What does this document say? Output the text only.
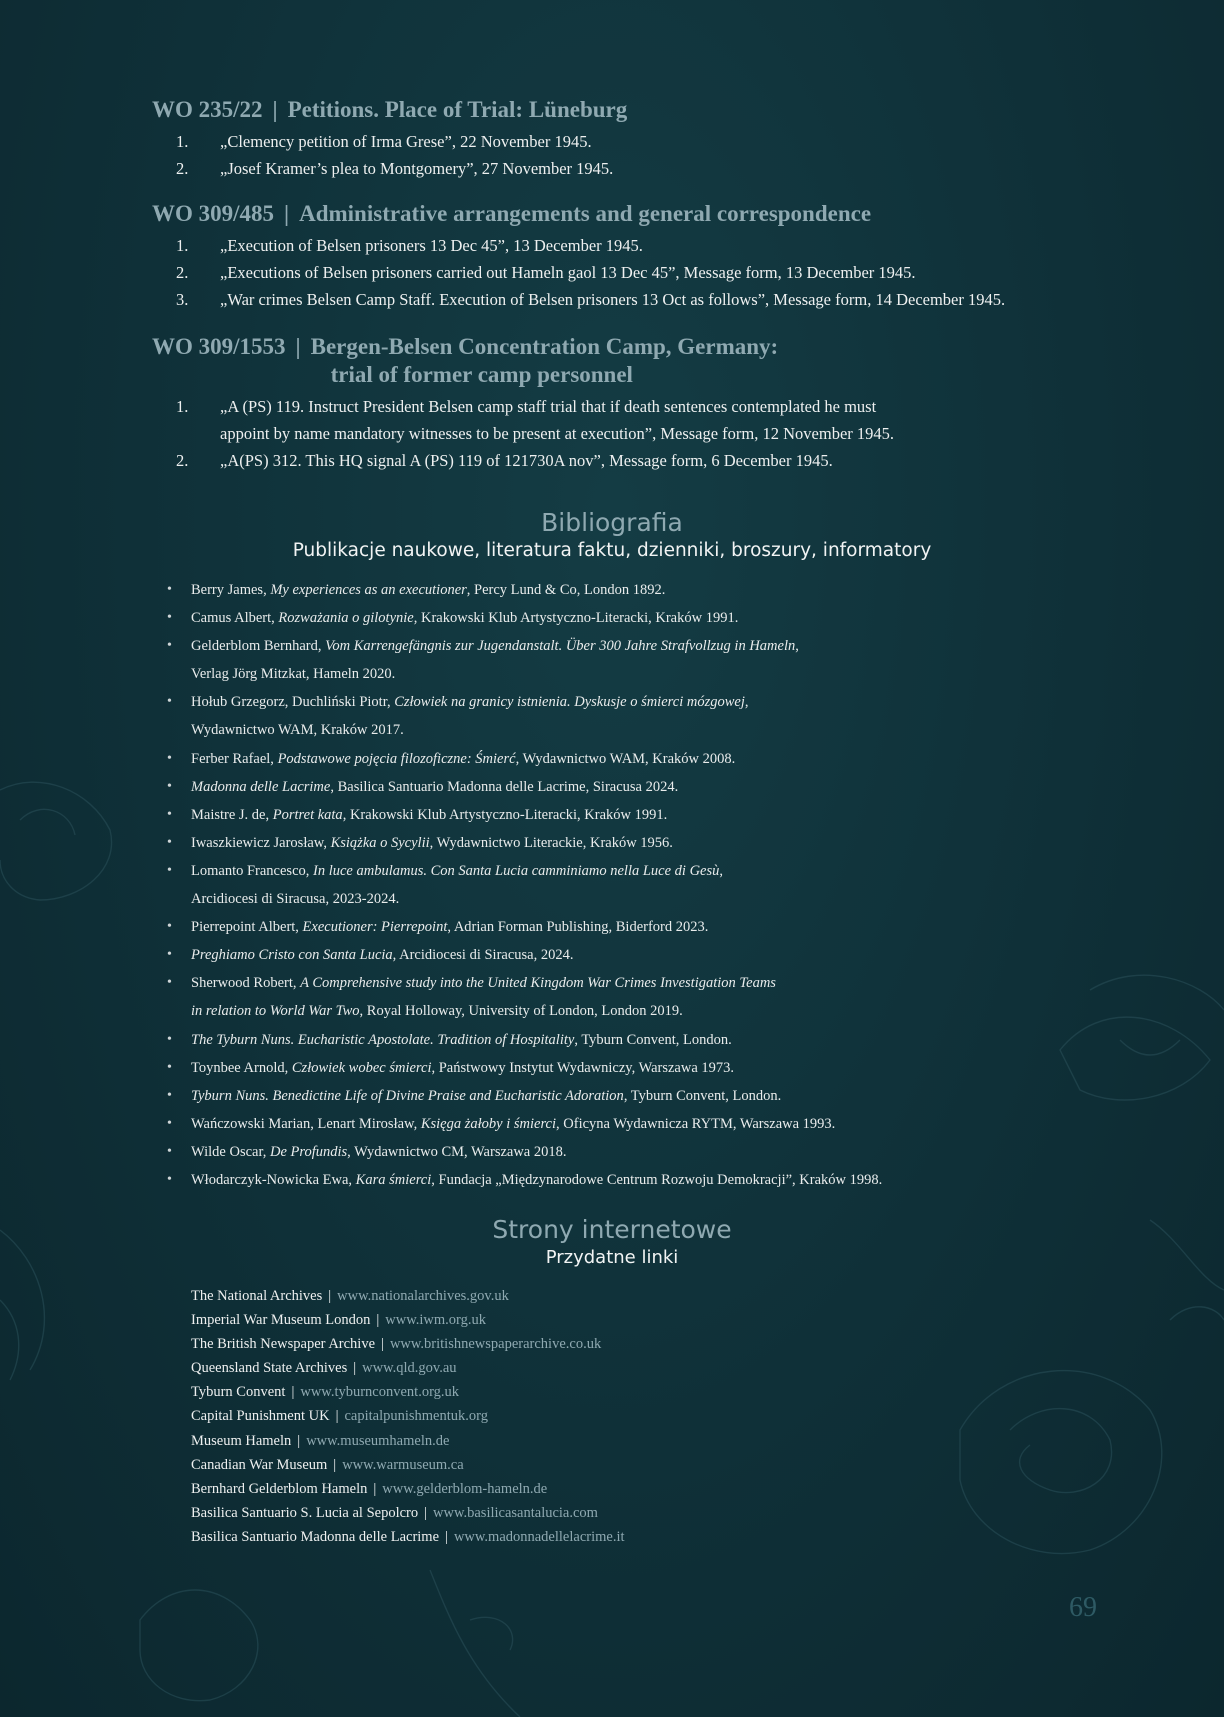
WO 235/22 | Petitions. Place of Trial: Lüneburg
1. „Clemency petition of Irma Grese”, 22 November 1945.
2. „Josef Kramer’s plea to Montgomery”, 27 November 1945.
WO 309/485 | Administrative arrangements and general correspondence
1. „Execution of Belsen prisoners 13 Dec 45”, 13 December 1945.
2. „Executions of Belsen prisoners carried out Hameln gaol 13 Dec 45”, Message form, 13 December 1945.
3. „War crimes Belsen Camp Staff. Execution of Belsen prisoners 13 Oct as follows”, Message form, 14 December 1945.
WO 309/1553 | Bergen-Belsen Concentration Camp, Germany:
trial of former camp personnel
1. „A (PS) 119. Instruct President Belsen camp staff trial that if death sentences contemplated he must
appoint by name mandatory witnesses to be present at execution”, Message form, 12 November 1945.
2. „A(PS) 312. This HQ signal A (PS) 119 of 121730A nov”, Message form, 6 December 1945.
Bibliografia
Publikacje naukowe, literatura faktu, dzienniki, broszury, informatory
• Berry James, My experiences as an executioner, Percy Lund & Co, London 1892.
• Camus Albert, Rozważania o gilotynie, Krakowski Klub Artystyczno-Literacki, Kraków 1991.
• Gelderblom Bernhard, Vom Karrengefängnis zur Jugendanstalt. Über 300 Jahre Strafvollzug in Hameln,
Verlag Jörg Mitzkat, Hameln 2020.
• Hołub Grzegorz, Duchliński Piotr, Człowiek na granicy istnienia. Dyskusje o śmierci mózgowej,
Wydawnictwo WAM, Kraków 2017.
• Ferber Rafael, Podstawowe pojęcia filozoficzne: Śmierć, Wydawnictwo WAM, Kraków 2008.
• Madonna delle Lacrime, Basilica Santuario Madonna delle Lacrime, Siracusa 2024.
• Maistre J. de, Portret kata, Krakowski Klub Artystyczno-Literacki, Kraków 1991.
• Iwaszkiewicz Jarosław, Książka o Sycylii, Wydawnictwo Literackie, Kraków 1956.
• Lomanto Francesco, In luce ambulamus. Con Santa Lucia camminiamo nella Luce di Gesù,
Arcidiocesi di Siracusa, 2023-2024.
• Pierrepoint Albert, Executioner: Pierrepoint, Adrian Forman Publishing, Biderford 2023.
• Preghiamo Cristo con Santa Lucia, Arcidiocesi di Siracusa, 2024.
• Sherwood Robert, A Comprehensive study into the United Kingdom War Crimes Investigation Teams
in relation to World War Two, Royal Holloway, University of London, London 2019.
• The Tyburn Nuns. Eucharistic Apostolate. Tradition of Hospitality, Tyburn Convent, London.
• Toynbee Arnold, Człowiek wobec śmierci, Państwowy Instytut Wydawniczy, Warszawa 1973.
• Tyburn Nuns. Benedictine Life of Divine Praise and Eucharistic Adoration, Tyburn Convent, London.
• Wańczowski Marian, Lenart Mirosław, Księga żałoby i śmierci, Oficyna Wydawnicza RYTM, Warszawa 1993.
• Wilde Oscar, De Profundis, Wydawnictwo CM, Warszawa 2018.
• Włodarczyk-Nowicka Ewa, Kara śmierci, Fundacja „Międzynarodowe Centrum Rozwoju Demokracji”, Kraków 1998.
Strony internetowe
Przydatne linki
The National Archives | www.nationalarchives.gov.uk
Imperial War Museum London | www.iwm.org.uk
The British Newspaper Archive | www.britishnewspaperarchive.co.uk
Queensland State Archives | www.qld.gov.au
Tyburn Convent | www.tyburnconvent.org.uk
Capital Punishment UK | capitalpunishmentuk.org
Museum Hameln | www.museumhameln.de
Canadian War Museum | www.warmuseum.ca
Bernhard Gelderblom Hameln | www.gelderblom-hameln.de
Basilica Santuario S. Lucia al Sepolcro | www.basilicasantalucia.com
Basilica Santuario Madonna delle Lacrime | www.madonnadellelacrime.it
69
